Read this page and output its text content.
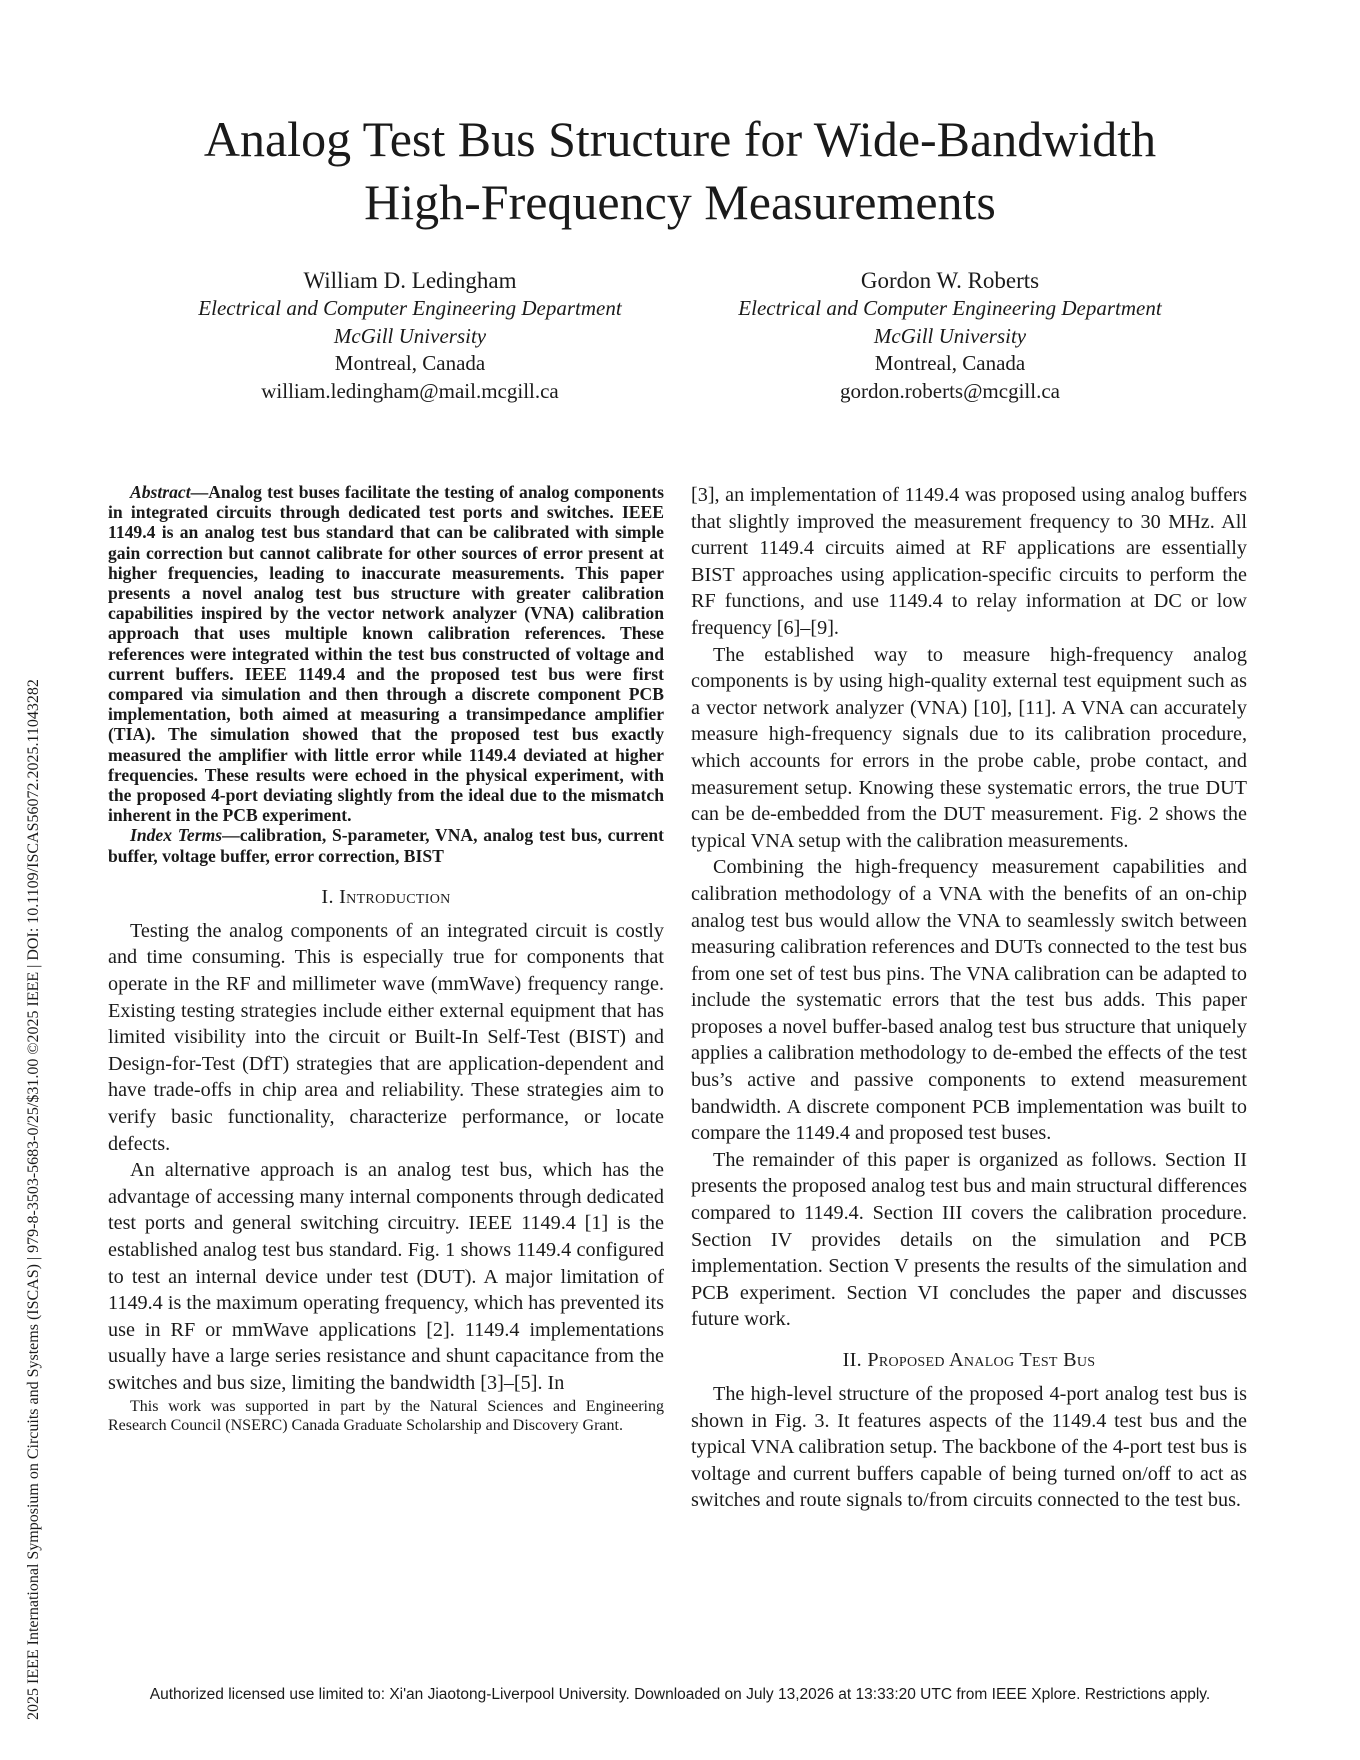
2025 IEEE International Symposium on Circuits and Systems (ISCAS) | 979-8-3503-5683-0/25/$31.00 ©2025 IEEE | DOI: 10.1109/ISCAS56072.2025.11043282
Analog Test Bus Structure for Wide-Bandwidth
High-Frequency Measurements
William D. Ledingham
Electrical and Computer Engineering Department
McGill University
Montreal, Canada
william.ledingham@mail.mcgill.ca
Gordon W. Roberts
Electrical and Computer Engineering Department
McGill University
Montreal, Canada
gordon.roberts@mcgill.ca

Abstract—Analog test buses facilitate the testing of analog components in integrated circuits through dedicated test ports and switches. IEEE 1149.4 is an analog test bus standard that can be calibrated with simple gain correction but cannot calibrate for other sources of error present at higher frequencies, leading to inaccurate measurements. This paper presents a novel analog test bus structure with greater calibration capabilities inspired by the vector network analyzer (VNA) calibration approach that uses multiple known calibration references. These references were integrated within the test bus constructed of voltage and current buffers. IEEE 1149.4 and the proposed test bus were first compared via simulation and then through a discrete component PCB implementation, both aimed at measuring a transimpedance amplifier (TIA). The simulation showed that the proposed test bus exactly measured the amplifier with little error while 1149.4 deviated at higher frequencies. These results were echoed in the physical experiment, with the proposed 4-port deviating slightly from the ideal due to the mismatch inherent in the PCB experiment.

Index Terms—calibration, S-parameter, VNA, analog test bus, current buffer, voltage buffer, error correction, BIST

I. Introduction

Testing the analog components of an integrated circuit is costly and time consuming. This is especially true for components that operate in the RF and millimeter wave (mmWave) frequency range. Existing testing strategies include either external equipment that has limited visibility into the circuit or Built-In Self-Test (BIST) and Design-for-Test (DfT) strategies that are application-dependent and have trade-offs in chip area and reliability. These strategies aim to verify basic functionality, characterize performance, or locate defects.

An alternative approach is an analog test bus, which has the advantage of accessing many internal components through dedicated test ports and general switching circuitry. IEEE 1149.4 [1] is the established analog test bus standard. Fig. 1 shows 1149.4 configured to test an internal device under test (DUT). A major limitation of 1149.4 is the maximum operating frequency, which has prevented its use in RF or mmWave applications [2]. 1149.4 implementations usually have a large series resistance and shunt capacitance from the switches and bus size, limiting the bandwidth [3]–[5]. In

This work was supported in part by the Natural Sciences and Engineering Research Council (NSERC) Canada Graduate Scholarship and Discovery Grant.

[3], an implementation of 1149.4 was proposed using analog buffers that slightly improved the measurement frequency to 30 MHz. All current 1149.4 circuits aimed at RF applications are essentially BIST approaches using application-specific circuits to perform the RF functions, and use 1149.4 to relay information at DC or low frequency [6]–[9].

The established way to measure high-frequency analog components is by using high-quality external test equipment such as a vector network analyzer (VNA) [10], [11]. A VNA can accurately measure high-frequency signals due to its calibration procedure, which accounts for errors in the probe cable, probe contact, and measurement setup. Knowing these systematic errors, the true DUT can be de-embedded from the DUT measurement. Fig. 2 shows the typical VNA setup with the calibration measurements.

Combining the high-frequency measurement capabilities and calibration methodology of a VNA with the benefits of an on-chip analog test bus would allow the VNA to seamlessly switch between measuring calibration references and DUTs connected to the test bus from one set of test bus pins. The VNA calibration can be adapted to include the systematic errors that the test bus adds. This paper proposes a novel buffer-based analog test bus structure that uniquely applies a calibration methodology to de-embed the effects of the test bus’s active and passive components to extend measurement bandwidth. A discrete component PCB implementation was built to compare the 1149.4 and proposed test buses.

The remainder of this paper is organized as follows. Section II presents the proposed analog test bus and main structural differences compared to 1149.4. Section III covers the calibration procedure. Section IV provides details on the simulation and PCB implementation. Section V presents the results of the simulation and PCB experiment. Section VI concludes the paper and discusses future work.

II. Proposed Analog Test Bus

The high-level structure of the proposed 4-port analog test bus is shown in Fig. 3. It features aspects of the 1149.4 test bus and the typical VNA calibration setup. The backbone of the 4-port test bus is voltage and current buffers capable of being turned on/off to act as switches and route signals to/from circuits connected to the test bus.

Authorized licensed use limited to: Xi'an Jiaotong-Liverpool University. Downloaded on July 13,2026 at 13:33:20 UTC from IEEE Xplore. Restrictions apply.
